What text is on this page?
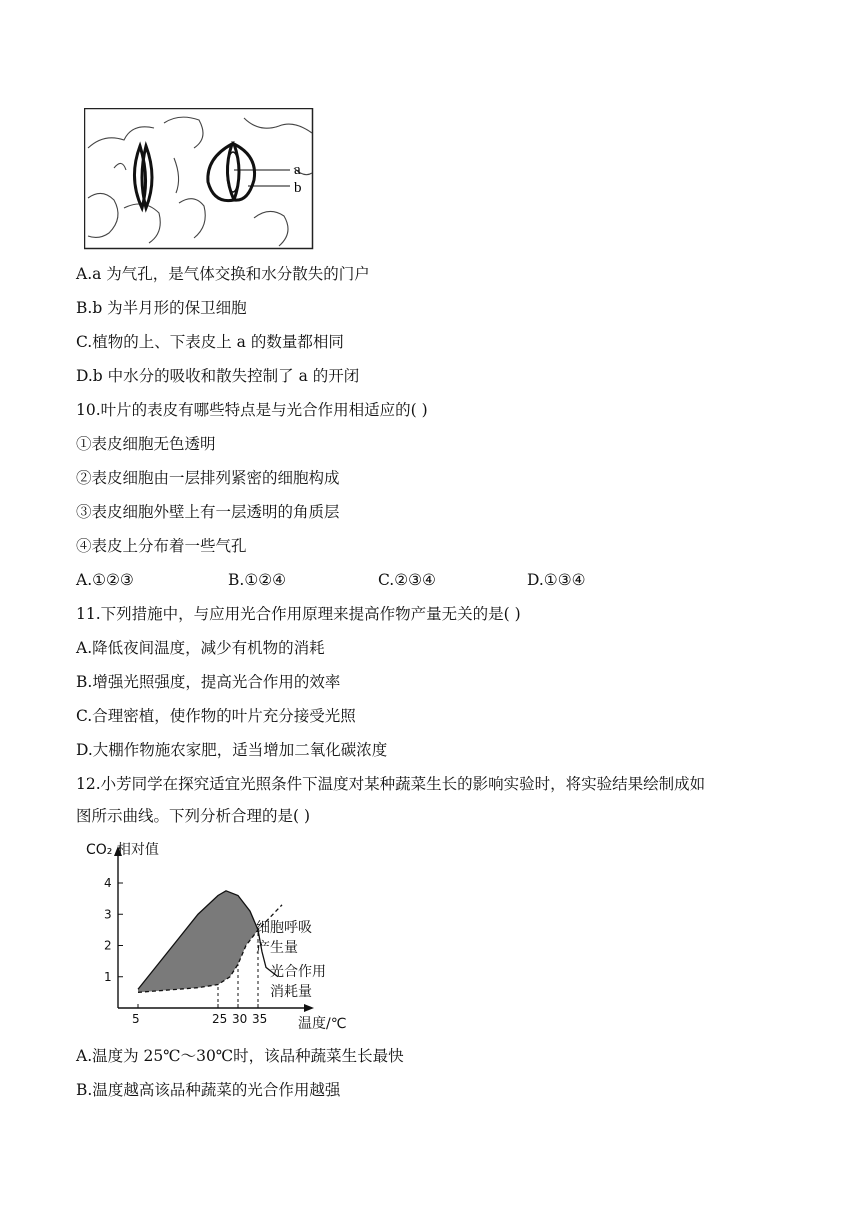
a
b
A.a 为气孔，是气体交换和水分散失的门户
B.b 为半月形的保卫细胞
C.植物的上、下表皮上 a 的数量都相同
D.b 中水分的吸收和散失控制了 a 的开闭
10.叶片的表皮有哪些特点是与光合作用相适应的( )
①表皮细胞无色透明
②表皮细胞由一层排列紧密的细胞构成
③表皮细胞外壁上有一层透明的角质层
④表皮上分布着一些气孔
A.①②③	B.①②④	C.②③④	D.①③④
11.下列措施中，与应用光合作用原理来提高作物产量无关的是( )
A.降低夜间温度，减少有机物的消耗
B.增强光照强度，提高光合作用的效率
C.合理密植，使作物的叶片充分接受光照
D.大棚作物施农家肥，适当增加二氧化碳浓度
12.小芳同学在探究适宜光照条件下温度对某种蔬菜生长的影响实验时，将实验结果绘制成如
图所示曲线。下列分析合理的是( )
1
2
3
4
5	25 30 35
CO₂ 相对值
温度/℃
细胞呼吸
产生量
光合作用
消耗量
A.温度为 25℃～30℃时，该品种蔬菜生长最快
B.温度越高该品种蔬菜的光合作用越强
